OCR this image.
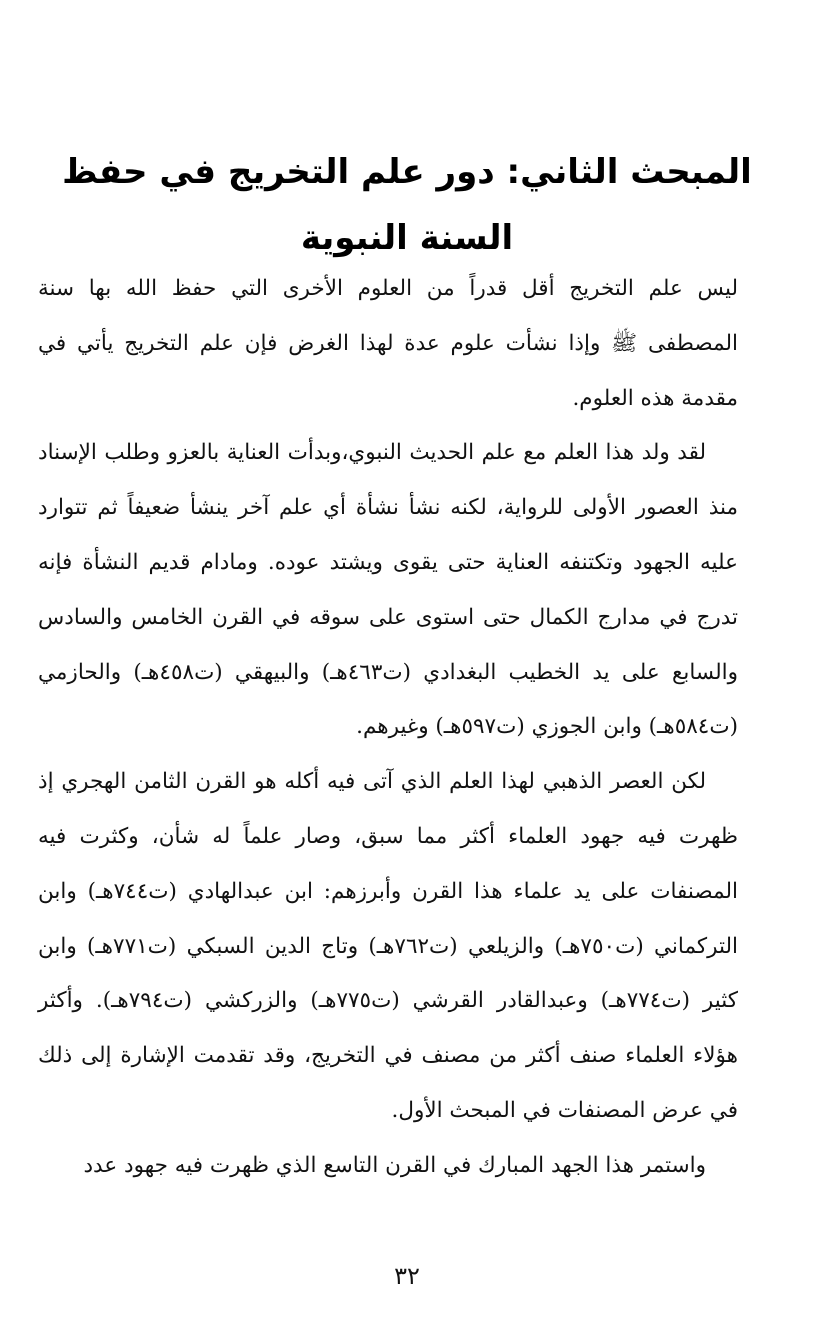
المبحث الثاني: دور علم التخريج في حفظ السنة النبوية

ليس علم التخريج أقل قدراً من العلوم الأخرى التي حفظ الله بها سنة المصطفى ﷺ وإذا نشأت علوم عدة لهذا الغرض فإن علم التخريج يأتي في مقدمة هذه العلوم.

لقد ولد هذا العلم مع علم الحديث النبوي،وبدأت العناية بالعزو وطلب الإسناد منذ العصور الأولى للرواية، لكنه نشأ نشأة أي علم آخر ينشأ ضعيفاً ثم تتوارد عليه الجهود وتكتنفه العناية حتى يقوى ويشتد عوده. ومادام قديم النشأة فإنه تدرج في مدارج الكمال حتى استوى على سوقه في القرن الخامس والسادس والسابع على يد الخطيب البغدادي (ت٤٦٣هـ) والبيهقي (ت٤٥٨هـ) والحازمي (ت٥٨٤هـ) وابن الجوزي (ت٥٩٧هـ) وغيرهم.

لكن العصر الذهبي لهذا العلم الذي آتى فيه أكله هو القرن الثامن الهجري إذ ظهرت فيه جهود العلماء أكثر مما سبق، وصار علماً له شأن، وكثرت فيه المصنفات على يد علماء هذا القرن وأبرزهم: ابن عبدالهادي (ت٧٤٤هـ) وابن التركماني (ت٧٥٠هـ) والزيلعي (ت٧٦٢هـ) وتاج الدين السبكي (ت٧٧١هـ) وابن كثير (ت٧٧٤هـ) وعبدالقادر القرشي (ت٧٧٥هـ) والزركشي (ت٧٩٤هـ). وأكثر هؤلاء العلماء صنف أكثر من مصنف في التخريج، وقد تقدمت الإشارة إلى ذلك في عرض المصنفات في المبحث الأول.

واستمر هذا الجهد المبارك في القرن التاسع الذي ظهرت فيه جهود عدد

٣٢
